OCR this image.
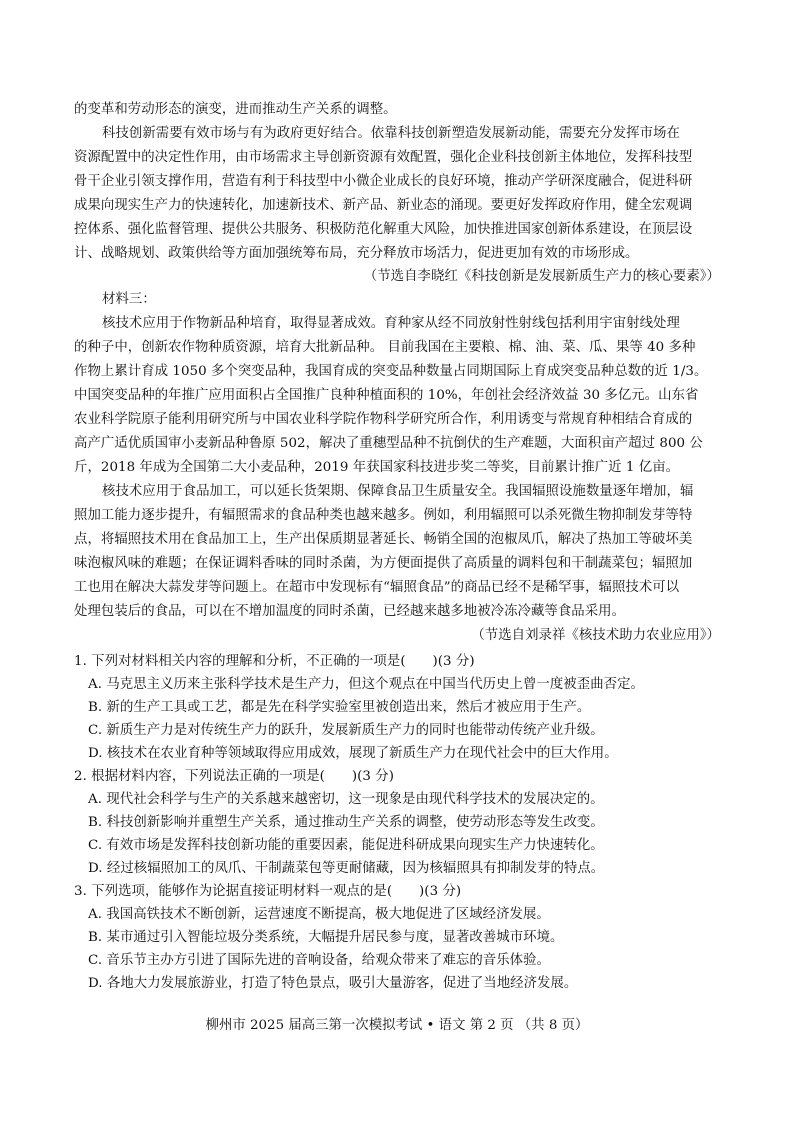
的变革和劳动形态的演变，进而推动生产关系的调整。
科技创新需要有效市场与有为政府更好结合。依靠科技创新塑造发展新动能，需要充分发挥市场在
资源配置中的决定性作用，由市场需求主导创新资源有效配置，强化企业科技创新主体地位，发挥科技型
骨干企业引领支撑作用，营造有利于科技型中小微企业成长的良好环境，推动产学研深度融合，促进科研
成果向现实生产力的快速转化，加速新技术、新产品、新业态的涌现。要更好发挥政府作用，健全宏观调
控体系、强化监督管理、提供公共服务、积极防范化解重大风险，加快推进国家创新体系建设，在顶层设
计、战略规划、政策供给等方面加强统筹布局，充分释放市场活力，促进更加有效的市场形成。
（节选自李晓红《科技创新是发展新质生产力的核心要素》）
材料三：
核技术应用于作物新品种培育，取得显著成效。育种家从经不同放射性射线包括利用宇宙射线处理
的种子中，创新农作物种质资源，培育大批新品种。 目前我国在主要粮、棉、油、菜、瓜、果等 40 多种
作物上累计育成 1050 多个突变品种，我国育成的突变品种数量占同期国际上育成突变品种总数的近 1/3。
中国突变品种的年推广应用面积占全国推广良种种植面积的 10%，年创社会经济效益 30 多亿元。山东省
农业科学院原子能利用研究所与中国农业科学院作物科学研究所合作，利用诱变与常规育种相结合育成的
高产广适优质国审小麦新品种鲁原 502，解决了重穗型品种不抗倒伏的生产难题，大面积亩产超过 800 公
斤，2018 年成为全国第二大小麦品种，2019 年获国家科技进步奖二等奖，目前累计推广近 1 亿亩。
核技术应用于食品加工，可以延长货架期、保障食品卫生质量安全。我国辐照设施数量逐年增加，辐
照加工能力逐步提升，有辐照需求的食品种类也越来越多。例如，利用辐照可以杀死微生物抑制发芽等特
点，将辐照技术用在食品加工上，生产出保质期显著延长、畅销全国的泡椒凤爪，解决了热加工等破坏美
味泡椒风味的难题；在保证调料香味的同时杀菌，为方便面提供了高质量的调料包和干制蔬菜包；辐照加
工也用在解决大蒜发芽等问题上。在超市中发现标有“辐照食品”的商品已经不是稀罕事，辐照技术可以
处理包装后的食品，可以在不增加温度的同时杀菌，已经越来越多地被冷冻冷藏等食品采用。
（节选自刘录祥《核技术助力农业应用》）
1. 下列对材料相关内容的理解和分析，不正确的一项是(　　)(3 分)
A. 马克思主义历来主张科学技术是生产力，但这个观点在中国当代历史上曾一度被歪曲否定。
B. 新的生产工具或工艺，都是先在科学实验室里被创造出来，然后才被应用于生产。
C. 新质生产力是对传统生产力的跃升，发展新质生产力的同时也能带动传统产业升级。
D. 核技术在农业育种等领域取得应用成效，展现了新质生产力在现代社会中的巨大作用。
2. 根据材料内容，下列说法正确的一项是(　　)(3 分)
A. 现代社会科学与生产的关系越来越密切，这一现象是由现代科学技术的发展决定的。
B. 科技创新影响并重塑生产关系，通过推动生产关系的调整，使劳动形态等发生改变。
C. 有效市场是发挥科技创新功能的重要因素，能促进科研成果向现实生产力快速转化。
D. 经过核辐照加工的凤爪、干制蔬菜包等更耐储藏，因为核辐照具有抑制发芽的特点。
3. 下列选项，能够作为论据直接证明材料一观点的是(　　)(3 分)
A. 我国高铁技术不断创新，运营速度不断提高，极大地促进了区域经济发展。
B. 某市通过引入智能垃圾分类系统，大幅提升居民参与度，显著改善城市环境。
C. 音乐节主办方引进了国际先进的音响设备，给观众带来了难忘的音乐体验。
D. 各地大力发展旅游业，打造了特色景点，吸引大量游客，促进了当地经济发展。
柳州市 2025 届高三第一次模拟考试 • 语文 第 2 页 （共 8 页）
